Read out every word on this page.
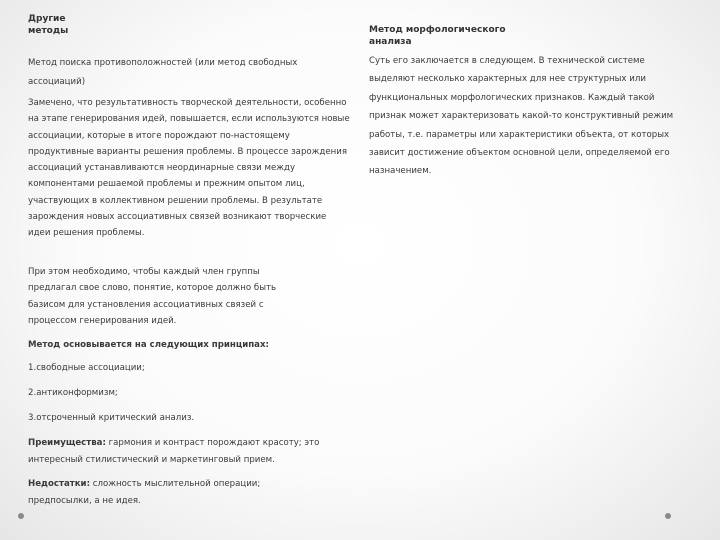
Другие методы

Метод поиска противоположностей (или метод свободных ассоциаций)

Замечено, что результативность творческой деятельности, особенно на этапе генерирования идей, повышается, если используются новые ассоциации, которые в итоге порождают по-настоящему продуктивные варианты решения проблемы. В процессе зарождения ассоциаций устанавливаются неординарные связи между компонентами решаемой проблемы и прежним опытом лиц, участвующих в коллективном решении проблемы. В результате зарождения новых ассоциативных связей возникают творческие идеи решения проблемы.

При этом необходимо, чтобы каждый член группы предлагал свое слово, понятие, которое должно быть базисом для установления ассоциативных связей с процессом генерирования идей.

Метод основывается на следующих принципах:

1.свободные ассоциации;

2.антиконформизм;

3.отсроченный критический анализ.

Преимущества: гармония и контраст порождают красоту; это интересный стилистический и маркетинговый прием.

Недостатки: сложность мыслительной операции; предпосылки, а не идея.

Метод морфологического анализа

Суть его заключается в следующем. В технической системе выделяют несколько характерных для нее структурных или функциональных морфологических признаков. Каждый такой признак может характеризовать какой-то конструктивный режим работы, т.е. параметры или характеристики объекта, от которых зависит достижение объектом основной цели, определяемой его назначением.
